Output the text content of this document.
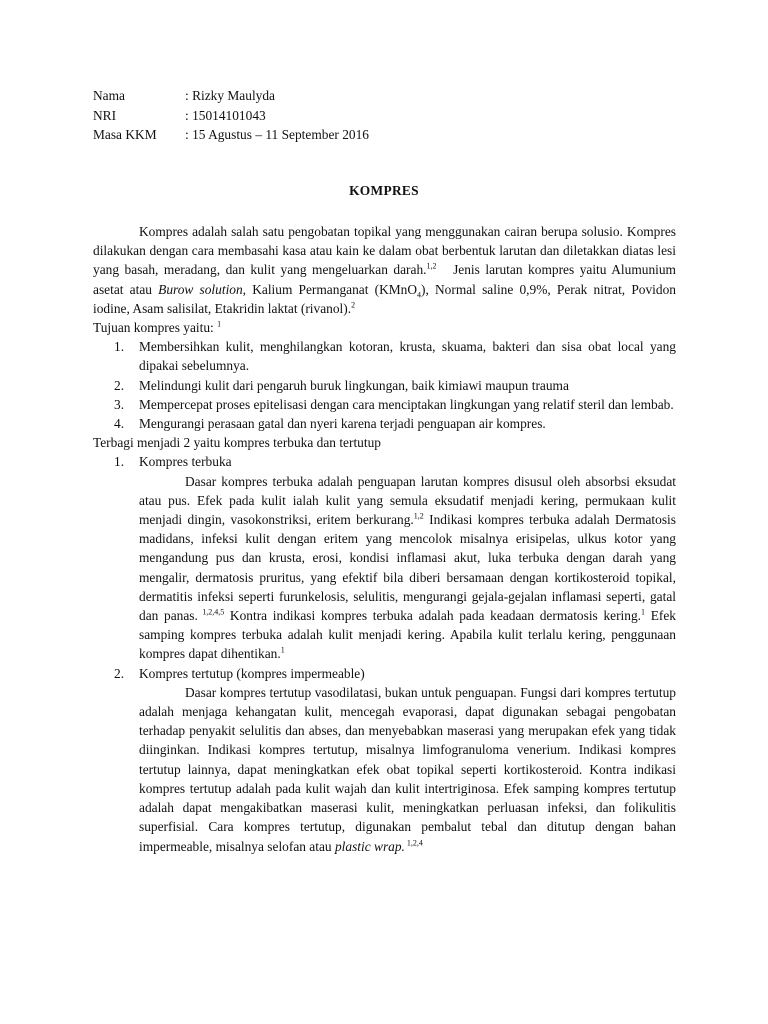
Nama	: Rizky Maulyda
NRI	: 15014101043
Masa KKM	: 15 Agustus – 11 September 2016
KOMPRES
Kompres adalah salah satu pengobatan topikal yang menggunakan cairan berupa solusio. Kompres dilakukan dengan cara membasahi kasa atau kain ke dalam obat berbentuk larutan dan diletakkan diatas lesi yang basah, meradang, dan kulit yang mengeluarkan darah.$^{1,2}$ Jenis larutan kompres yaitu Alumunium asetat atau Burow solution, Kalium Permanganat (KMnO$_4$), Normal saline 0,9%, Perak nitrat, Povidon iodine, Asam salisilat, Etakridin laktat (rivanol).$^2$
Tujuan kompres yaitu: $^1$
1.	Membersihkan kulit, menghilangkan kotoran, krusta, skuama, bakteri dan sisa obat local yang dipakai sebelumnya.
2.	Melindungi kulit dari pengaruh buruk lingkungan, baik kimiawi maupun trauma
3.	Mempercepat proses epitelisasi dengan cara menciptakan lingkungan yang relatif steril dan lembab.
4.	Mengurangi perasaan gatal dan nyeri karena terjadi penguapan air kompres.
Terbagi menjadi 2 yaitu kompres terbuka dan tertutup
1.	Kompres terbuka
Dasar kompres terbuka adalah penguapan larutan kompres disusul oleh absorbsi eksudat atau pus. Efek pada kulit ialah kulit yang semula eksudatif menjadi kering, permukaan kulit menjadi dingin, vasokonstriksi, eritem berkurang.$^{1,2}$ Indikasi kompres terbuka adalah Dermatosis madidans, infeksi kulit dengan eritem yang mencolok misalnya erisipelas, ulkus kotor yang mengandung pus dan krusta, erosi, kondisi inflamasi akut, luka terbuka dengan darah yang mengalir, dermatosis pruritus, yang efektif bila diberi bersamaan dengan kortikosteroid topikal, dermatitis infeksi seperti furunkelosis, selulitis, mengurangi gejala-gejalan inflamasi seperti, gatal dan panas. $^{1,2,4,5}$ Kontra indikasi kompres terbuka adalah pada keadaan dermatosis kering.$^1$ Efek samping kompres terbuka adalah kulit menjadi kering. Apabila kulit terlalu kering, penggunaan kompres dapat dihentikan.$^1$
2.	Kompres tertutup (kompres impermeable)
Dasar kompres tertutup vasodilatasi, bukan untuk penguapan. Fungsi dari kompres tertutup adalah menjaga kehangatan kulit, mencegah evaporasi, dapat digunakan sebagai pengobatan terhadap penyakit selulitis dan abses, dan menyebabkan maserasi yang merupakan efek yang tidak diinginkan. Indikasi kompres tertutup, misalnya limfogranuloma venerium. Indikasi kompres tertutup lainnya, dapat meningkatkan efek obat topikal seperti kortikosteroid. Kontra indikasi kompres tertutup adalah pada kulit wajah dan kulit intertriginosa. Efek samping kompres tertutup adalah dapat mengakibatkan maserasi kulit, meningkatkan perluasan infeksi, dan folikulitis superfisial. Cara kompres tertutup, digunakan pembalut tebal dan ditutup dengan bahan impermeable, misalnya selofan atau plastic wrap. $^{1,2,4}$
